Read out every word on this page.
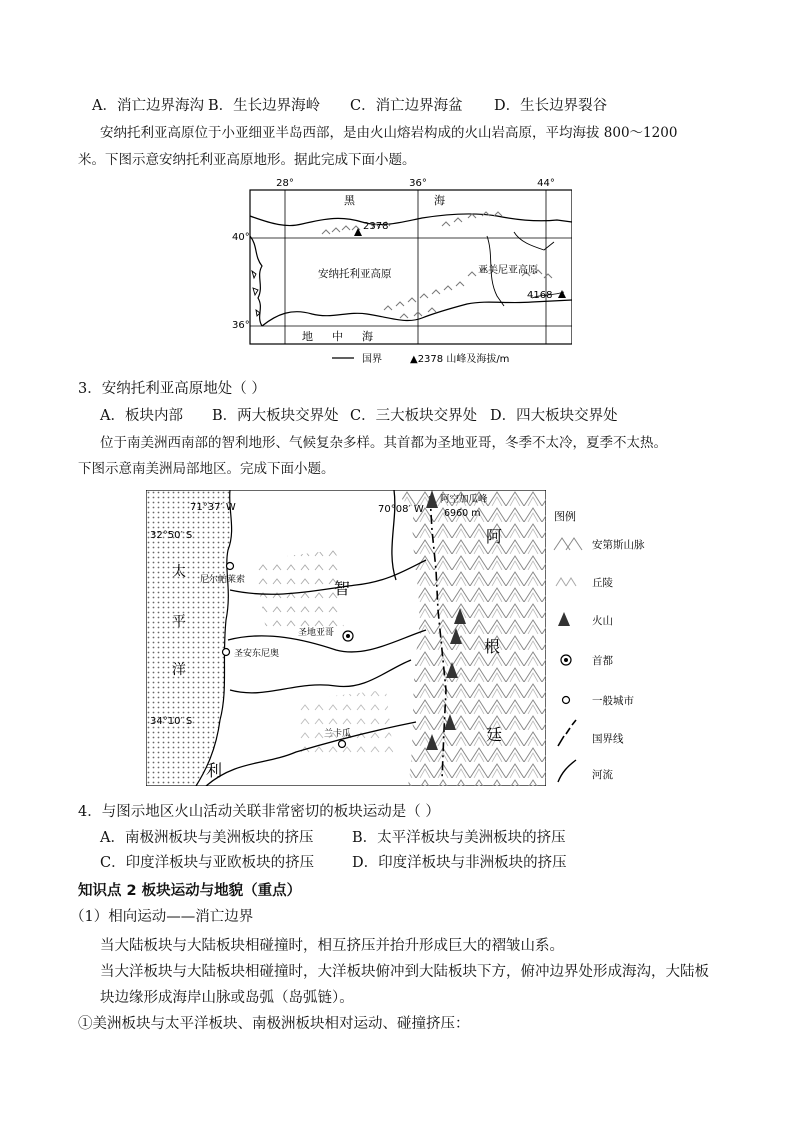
A．消亡边界海沟 B．生长边界海岭 C．消亡边界海盆 D．生长边界裂谷
安纳托利亚高原位于小亚细亚半岛西部，是由火山熔岩构成的火山岩高原，平均海拔 800～1200
米。下图示意安纳托利亚高原地形。据此完成下面小题。
28°	36°	44°
40°
36°
2378
4168
黑	海
地 中 海
安纳托利亚高原	亚美尼亚高原
国界	▲2378 山峰及海拔/m
3．安纳托利亚高原地处（ ）
A．板块内部 B．两大板块交界处 C．三大板块交界处 D．四大板块交界处
位于南美洲西南部的智利地形、气候复杂多样。其首都为圣地亚哥，冬季不太冷，夏季不太热。
下图示意南美洲局部地区。完成下面小题。
71°37′ W	70°08′ W
32°50′ S
34°10′ S
阿空加瓜峰
6960 m
太
平
洋
智
利
阿
根
廷
尼尔帕莱索
圣地亚哥
圣安东尼奥
兰卡瓜
图例
安第斯山脉
丘陵
火山
首都
一般城市
国界线
河流
4．与图示地区火山活动关联非常密切的板块运动是（ ）
A．南极洲板块与美洲板块的挤压	B．太平洋板块与美洲板块的挤压
C．印度洋板块与亚欧板块的挤压	D．印度洋板块与非洲板块的挤压
知识点 2 板块运动与地貌（重点）
（1）相向运动——消亡边界
当大陆板块与大陆板块相碰撞时，相互挤压并抬升形成巨大的褶皱山系。
当大洋板块与大陆板块相碰撞时，大洋板块俯冲到大陆板块下方，俯冲边界处形成海沟，大陆板
块边缘形成海岸山脉或岛弧（岛弧链）。
①美洲板块与太平洋板块、南极洲板块相对运动、碰撞挤压：
